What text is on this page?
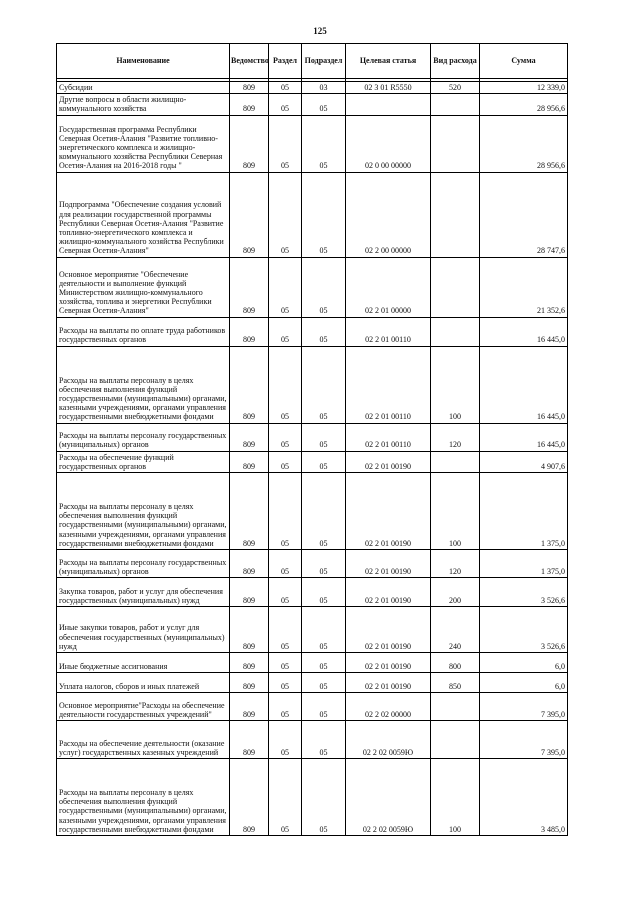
125
Наименование	Ведомство	Раздел	Подраздел	Целевая статья	Вид расхода	Сумма

Субсидии	809	05	03	02 3 01 R5550	520	12 339,0
Другие вопросы в области жилищно-коммунального хозяйства	809	05	05			28 956,6
Государственная программа Республики Северная Осетия-Алания "Развитие топливно-энергетического комплекса и жилищно-коммунального хозяйства Республики Северная Осетия-Алания на 2016-2018 годы "	809	05	05	02 0 00 00000		28 956,6
Подпрограмма "Обеспечение создания условий для реализации государственной программы Республики Северная Осетия-Алания "Развитие топливно-энергетического комплекса и жилищно-коммунального хозяйства Республики Северная Осетия-Алания"	809	05	05	02 2 00 00000		28 747,6
Основное мероприятие "Обеспечение деятельности и выполнение функций Министерством жилищно-коммунального хозяйства, топлива и энергетики Республики Северная Осетия-Алания"	809	05	05	02 2 01 00000		21 352,6
Расходы на выплаты по оплате труда работников государственных органов	809	05	05	02 2 01 00110		16 445,0
Расходы на выплаты персоналу в целях обеспечения выполнения функций государственными (муниципальными) органами, казенными учреждениями, органами управления государственными внебюджетными фондами	809	05	05	02 2 01 00110	100	16 445,0
Расходы на выплаты персоналу государственных (муниципальных) органов	809	05	05	02 2 01 00110	120	16 445,0
Расходы на обеспечение функций государственных органов	809	05	05	02 2 01 00190		4 907,6
Расходы на выплаты персоналу в целях обеспечения выполнения функций государственными (муниципальными) органами, казенными учреждениями, органами управления государственными внебюджетными фондами	809	05	05	02 2 01 00190	100	1 375,0
Расходы на выплаты персоналу государственных (муниципальных) органов	809	05	05	02 2 01 00190	120	1 375,0
Закупка товаров, работ и услуг для обеспечения государственных (муниципальных) нужд	809	05	05	02 2 01 00190	200	3 526,6
Иные закупки товаров, работ и услуг для обеспечения государственных (муниципальных) нужд	809	05	05	02 2 01 00190	240	3 526,6
Иные бюджетные ассигнования	809	05	05	02 2 01 00190	800	6,0
Уплата налогов, сборов и иных платежей	809	05	05	02 2 01 00190	850	6,0
Основное мероприятие"Расходы на обеспечение деятельности государственных учреждений"	809	05	05	02 2 02 00000		7 395,0
Расходы на обеспечение деятельности (оказание услуг) государственных казенных учреждений	809	05	05	02 2 02 0059Ю		7 395,0
Расходы на выплаты персоналу в целях обеспечения выполнения функций государственными (муниципальными) органами, казенными учреждениями, органами управления государственными внебюджетными фондами	809	05	05	02 2 02 0059Ю	100	3 485,0
